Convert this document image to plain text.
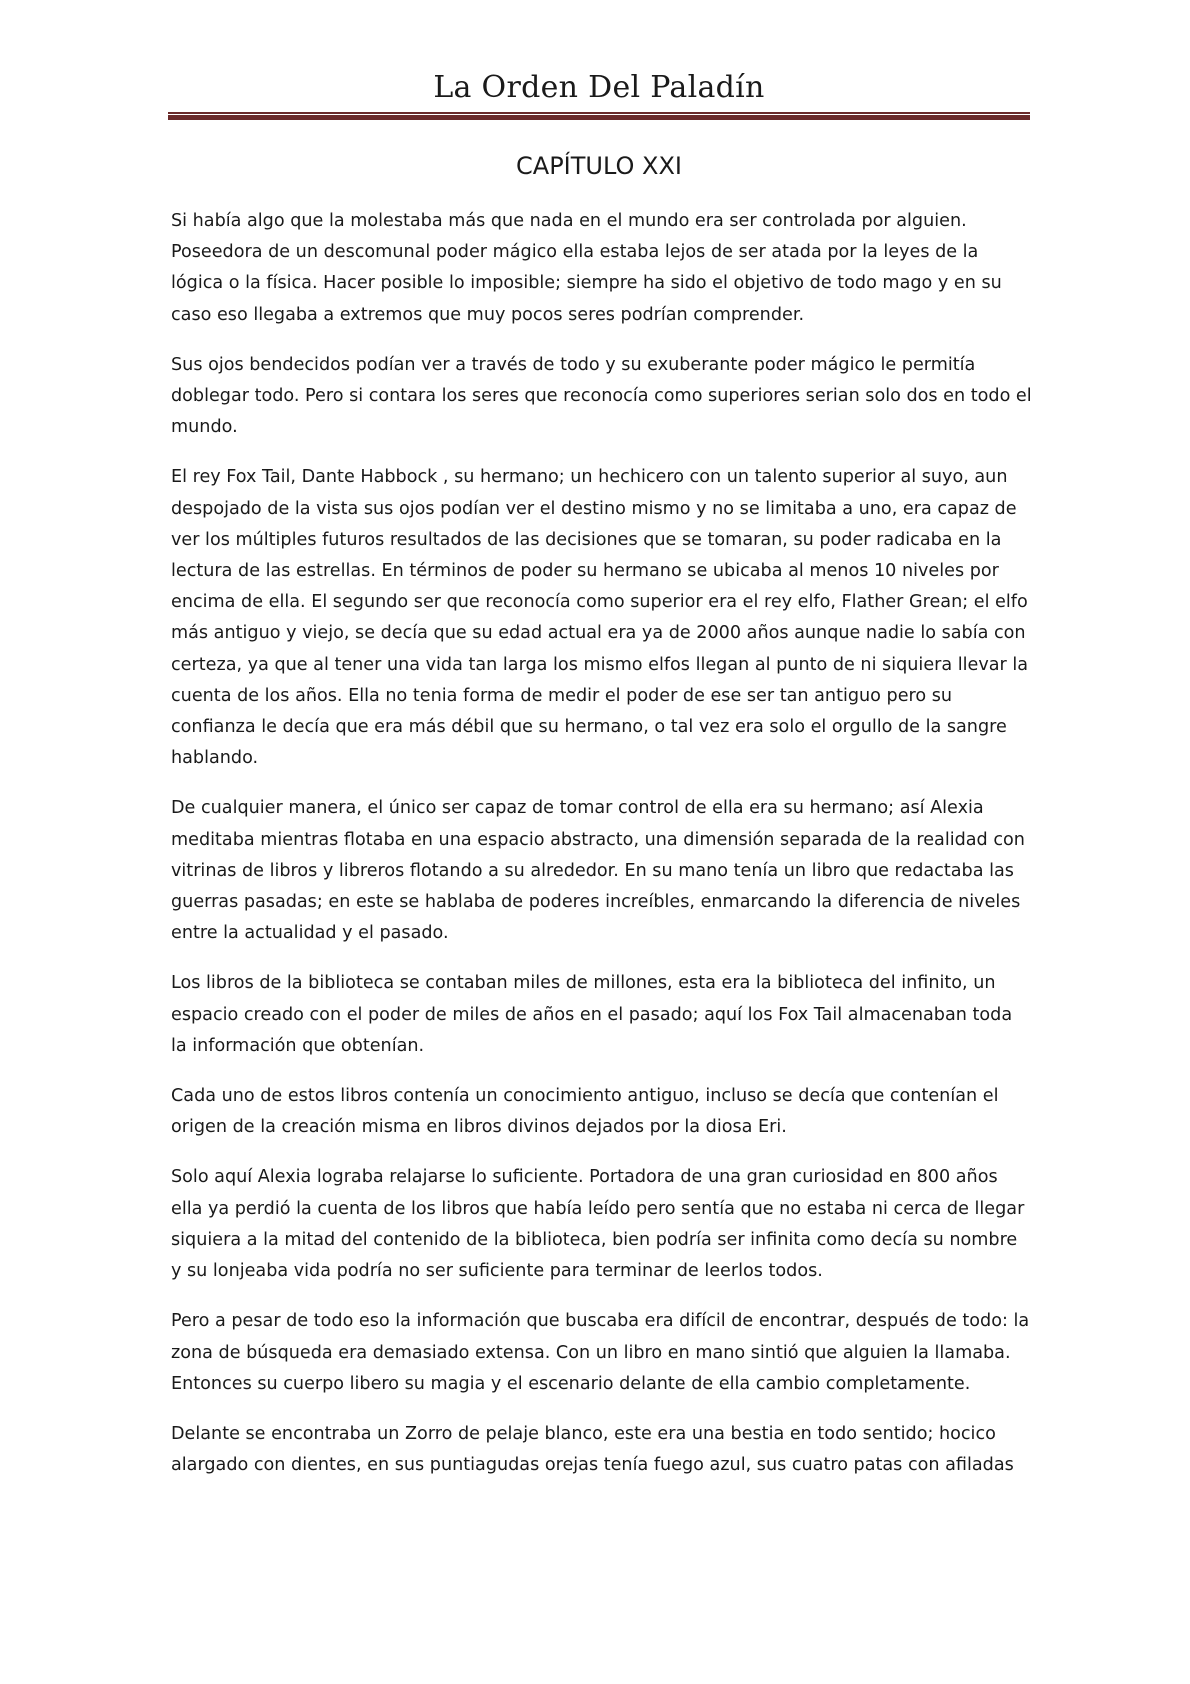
La Orden Del Paladín
CAPÍTULO XXI

Si había algo que la molestaba más que nada en el mundo era ser controlada por alguien. Poseedora de un descomunal poder mágico ella estaba lejos de ser atada por la leyes de la lógica o la física. Hacer posible lo imposible; siempre ha sido el objetivo de todo mago y en su caso eso llegaba a extremos que muy pocos seres podrían comprender.

Sus ojos bendecidos podían ver a través de todo y su exuberante poder mágico le permitía doblegar todo. Pero si contara los seres que reconocía como superiores serian solo dos en todo el mundo.

El rey Fox Tail, Dante Habbock , su hermano; un hechicero con un talento superior al suyo, aun despojado de la vista sus ojos podían ver el destino mismo y no se limitaba a uno, era capaz de ver los múltiples futuros resultados de las decisiones que se tomaran, su poder radicaba en la lectura de las estrellas. En términos de poder su hermano se ubicaba al menos 10 niveles por encima de ella. El segundo ser que reconocía como superior era el rey elfo, Flather Grean; el elfo más antiguo y viejo, se decía que su edad actual era ya de 2000 años aunque nadie lo sabía con certeza, ya que al tener una vida tan larga los mismo elfos llegan al punto de ni siquiera llevar la cuenta de los años. Ella no tenia forma de medir el poder de ese ser tan antiguo pero su confianza le decía que era más débil que su hermano, o tal vez era solo el orgullo de la sangre hablando.

De cualquier manera, el único ser capaz de tomar control de ella era su hermano; así Alexia meditaba mientras flotaba en una espacio abstracto, una dimensión separada de la realidad con vitrinas de libros y libreros flotando a su alrededor. En su mano tenía un libro que redactaba las guerras pasadas; en este se hablaba de poderes increíbles, enmarcando la diferencia de niveles entre la actualidad y el pasado.

Los libros de la biblioteca se contaban miles de millones, esta era la biblioteca del infinito, un espacio creado con el poder de miles de años en el pasado; aquí los Fox Tail almacenaban toda la información que obtenían.

Cada uno de estos libros contenía un conocimiento antiguo, incluso se decía que contenían el origen de la creación misma en libros divinos dejados por la diosa Eri.

Solo aquí Alexia lograba relajarse lo suficiente. Portadora de una gran curiosidad en 800 años ella ya perdió la cuenta de los libros que había leído pero sentía que no estaba ni cerca de llegar siquiera a la mitad del contenido de la biblioteca, bien podría ser infinita como decía su nombre y su lonjeaba vida podría no ser suficiente para terminar de leerlos todos.

Pero a pesar de todo eso la información que buscaba era difícil de encontrar, después de todo: la zona de búsqueda era demasiado extensa. Con un libro en mano sintió que alguien la llamaba. Entonces su cuerpo libero su magia y el escenario delante de ella cambio completamente.

Delante se encontraba un Zorro de pelaje blanco, este era una bestia en todo sentido; hocico alargado con dientes, en sus puntiagudas orejas tenía fuego azul, sus cuatro patas con afiladas
